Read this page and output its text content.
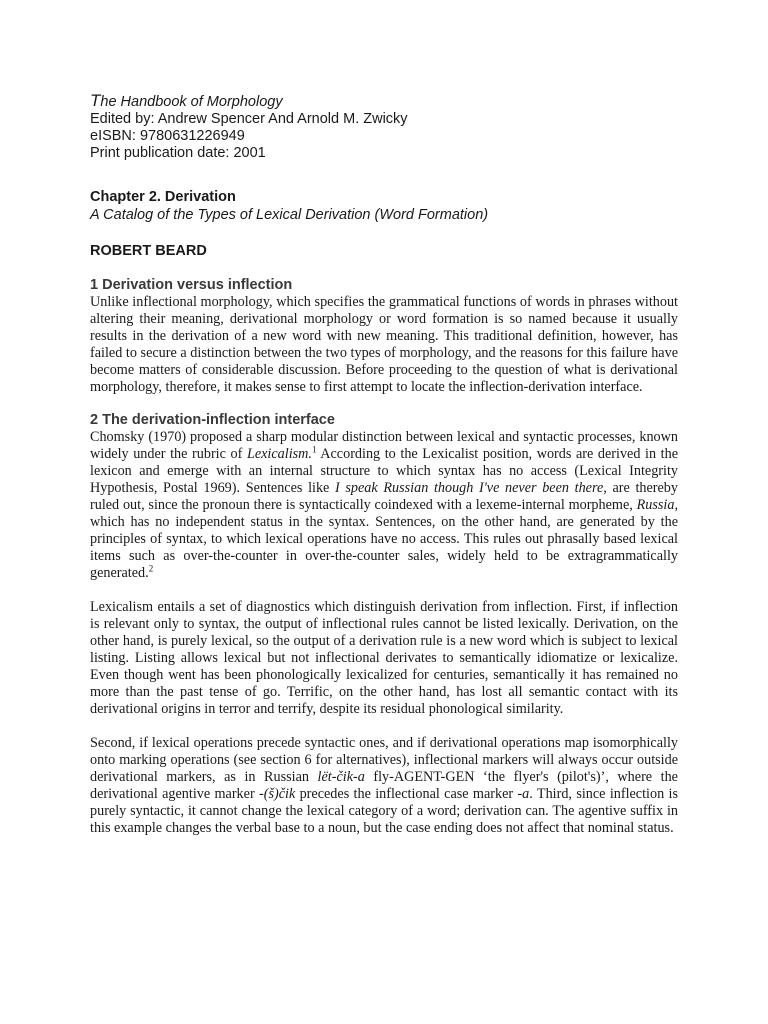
The Handbook of Morphology

Edited by: Andrew Spencer And Arnold M. Zwicky

eISBN: 9780631226949

Print publication date: 2001

Chapter 2. Derivation

A Catalog of the Types of Lexical Derivation (Word Formation)

ROBERT BEARD

1 Derivation versus inflection

Unlike inflectional morphology, which specifies the grammatical functions of words in phrases without altering their meaning, derivational morphology or word formation is so named because it usually results in the derivation of a new word with new meaning. This traditional definition, however, has failed to secure a distinction between the two types of morphology, and the reasons for this failure have become matters of considerable discussion. Before proceeding to the question of what is derivational morphology, therefore, it makes sense to first attempt to locate the inflection-derivation interface.

2 The derivation-inflection interface

Chomsky (1970) proposed a sharp modular distinction between lexical and syntactic processes, known widely under the rubric of Lexicalism.$^1$ According to the Lexicalist position, words are derived in the lexicon and emerge with an internal structure to which syntax has no access (Lexical Integrity Hypothesis, Postal 1969). Sentences like I speak Russian though I've never been there, are thereby ruled out, since the pronoun there is syntactically coindexed with a lexeme-internal morpheme, Russia, which has no independent status in the syntax. Sentences, on the other hand, are generated by the principles of syntax, to which lexical operations have no access. This rules out phrasally based lexical items such as over-the-counter in over-the-counter sales, widely held to be extragrammatically generated.$^2$

Lexicalism entails a set of diagnostics which distinguish derivation from inflection. First, if inflection is relevant only to syntax, the output of inflectional rules cannot be listed lexically. Derivation, on the other hand, is purely lexical, so the output of a derivation rule is a new word which is subject to lexical listing. Listing allows lexical but not inflectional derivates to semantically idiomatize or lexicalize. Even though went has been phonologically lexicalized for centuries, semantically it has remained no more than the past tense of go. Terrific, on the other hand, has lost all semantic contact with its derivational origins in terror and terrify, despite its residual phonological similarity.

Second, if lexical operations precede syntactic ones, and if derivational operations map isomorphically onto marking operations (see section 6 for alternatives), inflectional markers will always occur outside derivational markers, as in Russian lët-čik-a fly-AGENT-GEN ‘the flyer's (pilot's)’, where the derivational agentive marker -(š)čik precedes the inflectional case marker -a. Third, since inflection is purely syntactic, it cannot change the lexical category of a word; derivation can. The agentive suffix in this example changes the verbal base to a noun, but the case ending does not affect that nominal status.
